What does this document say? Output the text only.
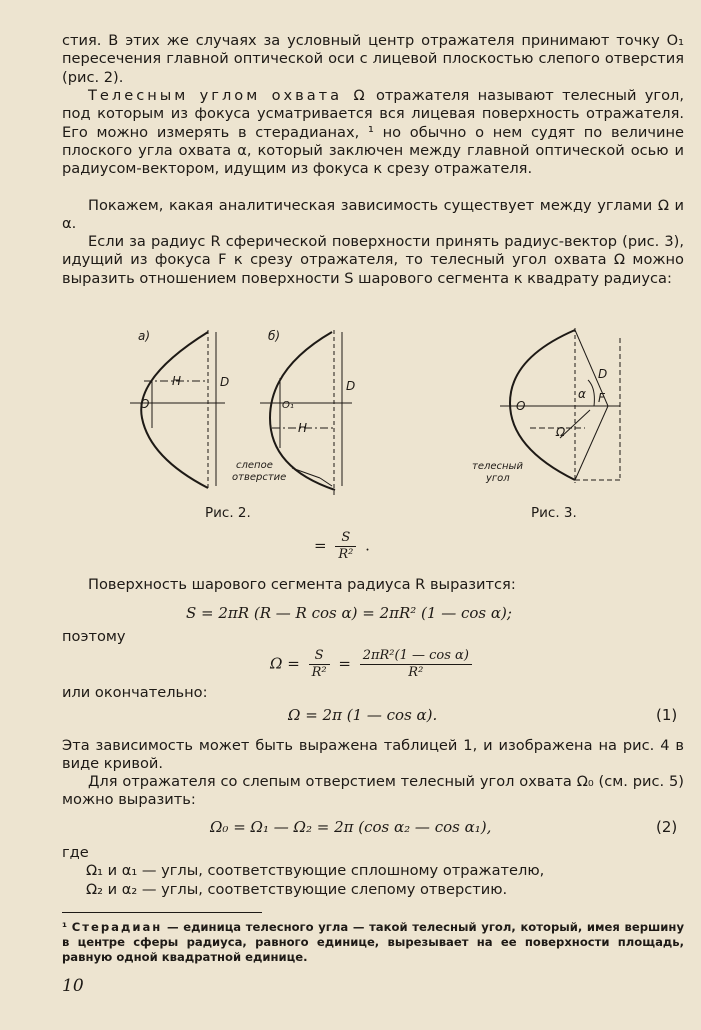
стия. В этих же случаях за условный центр отражателя принимают точку O₁ пересечения главной оптической оси с лицевой плоскостью слепого отверстия (рис. 2).

Телесным углом охвата Ω отражателя называют телесный угол, под которым из фокуса усматривается вся лицевая поверхность отражателя. Его можно измерять в стерадианах, ¹ но обычно о нем судят по величине плоского угла охвата α, который заключен между главной оптической осью и радиусом-вектором, идущим из фокуса к срезу отражателя.

Покажем, какая аналитическая зависимость существует между углами Ω и α.

Если за радиус R сферической поверхности принять радиус-вектор (рис. 3), идущий из фокуса F к срезу отражателя, то телесный угол охвата Ω можно выразить отношением поверхности S шарового сегмента к квадрату радиуса:

а)	б)
H	D
O
D
O₁
H
слепое
отверстие
D
O
α F
Ω
телесный
угол
Рис. 2.	Рис. 3.
= $\frac{S}{\text{R²}}$ .

Поверхность шарового сегмента радиуса R выразится:

S = 2πR (R — R cos α) = 2πR² (1 — cos α);

поэтому

$\Omega = \frac{S}{\text{R²}} = \frac{\text{2πR²(1 — cos α)}}{\text{R²}}$

или окончательно:

Ω = 2π (1 — cos α).	(1)

Эта зависимость может быть выражена таблицей 1, и изображена на рис. 4 в виде кривой.

Для отражателя со слепым отверстием телесный угол охвата Ω₀ (см. рис. 5) можно выразить:

Ω₀ = Ω₁ — Ω₂ = 2π (cos α₂ — cos α₁),	(2)

где

Ω₁ и α₁ — углы, соответствующие сплошному отражателю,

Ω₂ и α₂ — углы, соответствующие слепому отверстию.

¹ Стерадиан — единица телесного угла — такой телесный угол, который, имея вершину в центре сферы радиуса, равного единице, вырезывает на ее поверхности площадь, равную одной квадратной единице.

10
